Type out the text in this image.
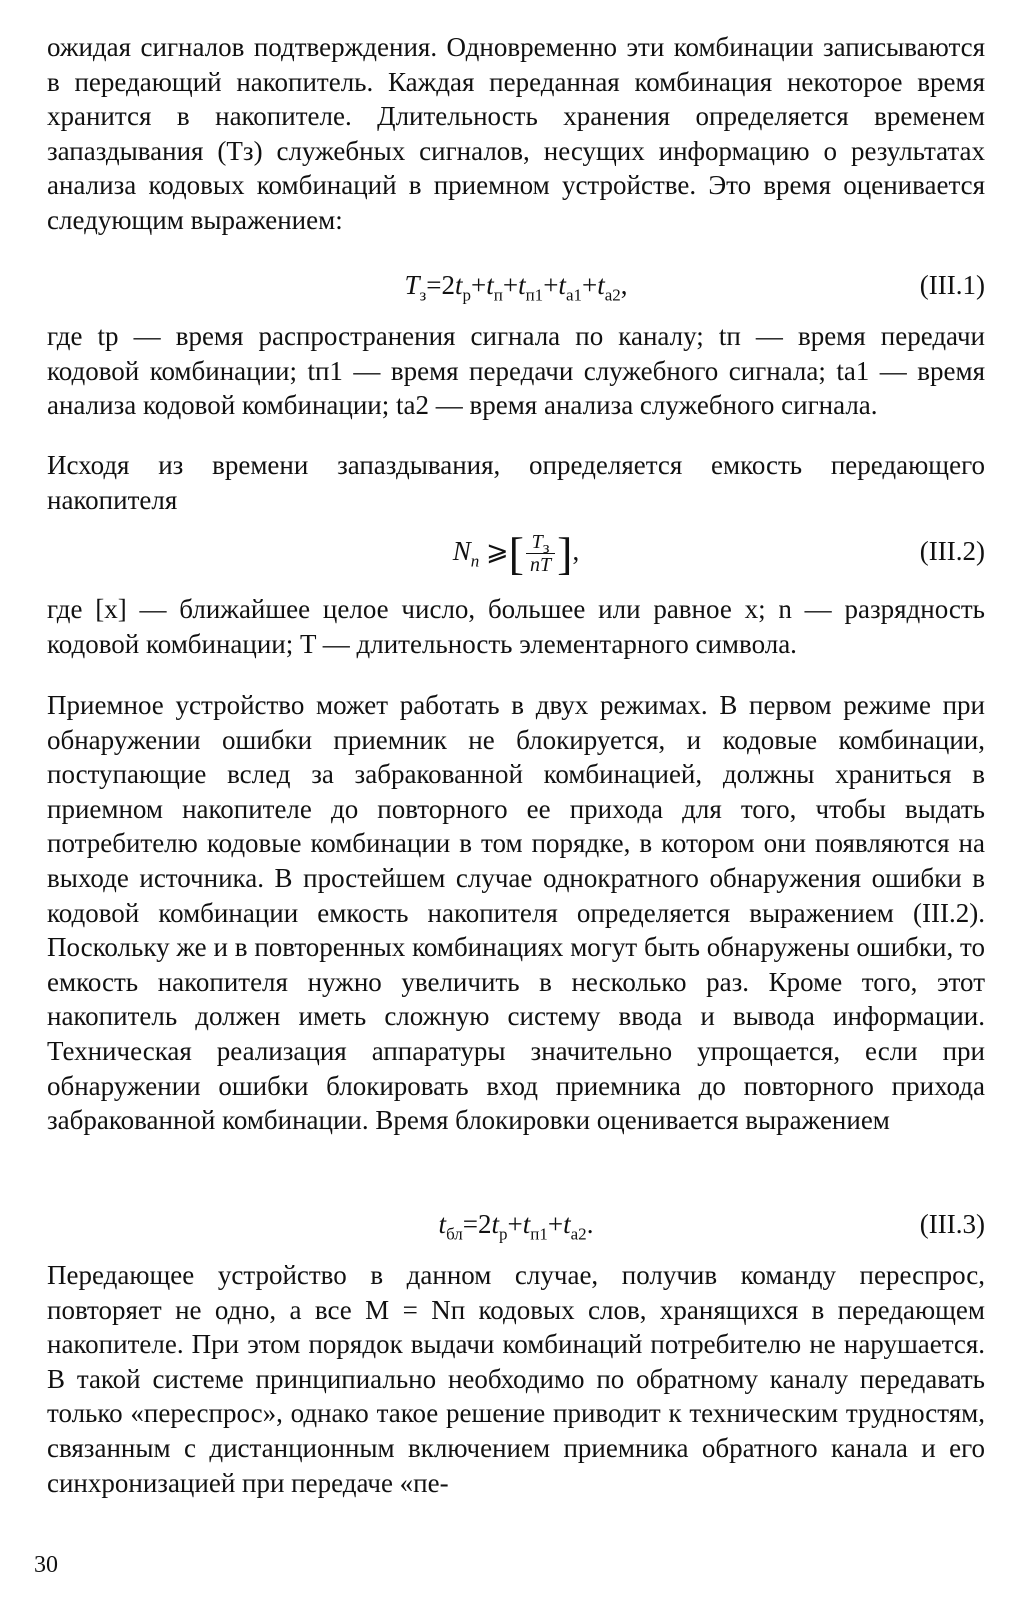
ожидая сигналов подтверждения. Одновременно эти комбинации записываются в передающий накопитель. Каждая переданная комбинация некоторое время хранится в накопителе. Длительность хранения определяется временем запаздывания (Tз) служебных сигналов, несущих информацию о результатах анализа кодовых комбинаций в приемном устройстве. Это время оценивается следующим выражением:

$T_з=2t_р+t_п+t_{п1}+t_{а1}+t_{а2}$,	(III.1)

где tр — время распространения сигнала по каналу; tп — время передачи кодовой комбинации; tп1 — время передачи служебного сигнала; tа1 — время анализа кодовой комбинации; tа2 — время анализа служебного сигнала.

Исходя из времени запаздывания, определяется емкость передающего накопителя

$N_n$ ⩾[ $\frac{T_з}{nT}$ ],	(III.2)

где [x] — ближайшее целое число, большее или равное x; n — разрядность кодовой комбинации; T — длительность элементарного символа.

Приемное устройство может работать в двух режимах. В первом режиме при обнаружении ошибки приемник не блокируется, и кодовые комбинации, поступающие вслед за забракованной комбинацией, должны храниться в приемном накопителе до повторного ее прихода для того, чтобы выдать потребителю кодовые комбинации в том порядке, в котором они появляются на выходе источника. В простейшем случае однократного обнаружения ошибки в кодовой комбинации емкость накопителя определяется выражением (III.2). Поскольку же и в повторенных комбинациях могут быть обнаружены ошибки, то емкость накопителя нужно увеличить в несколько раз. Кроме того, этот накопитель должен иметь сложную систему ввода и вывода информации. Техническая реализация аппаратуры значительно упрощается, если при обнаружении ошибки блокировать вход приемника до повторного прихода забракованной комбинации. Время блокировки оценивается выражением

$t_{бл}=2t_р+t_{п1}+t_{а2}$.	(III.3)

Передающее устройство в данном случае, получив команду переспрос, повторяет не одно, а все M = Nп кодовых слов, хранящихся в передающем накопителе. При этом порядок выдачи комбинаций потребителю не нарушается. В такой системе принципиально необходимо по обратному каналу передавать только «переспрос», однако такое решение приводит к техническим трудностям, связанным с дистанционным включением приемника обратного канала и его синхронизацией при передаче «пе-

30
